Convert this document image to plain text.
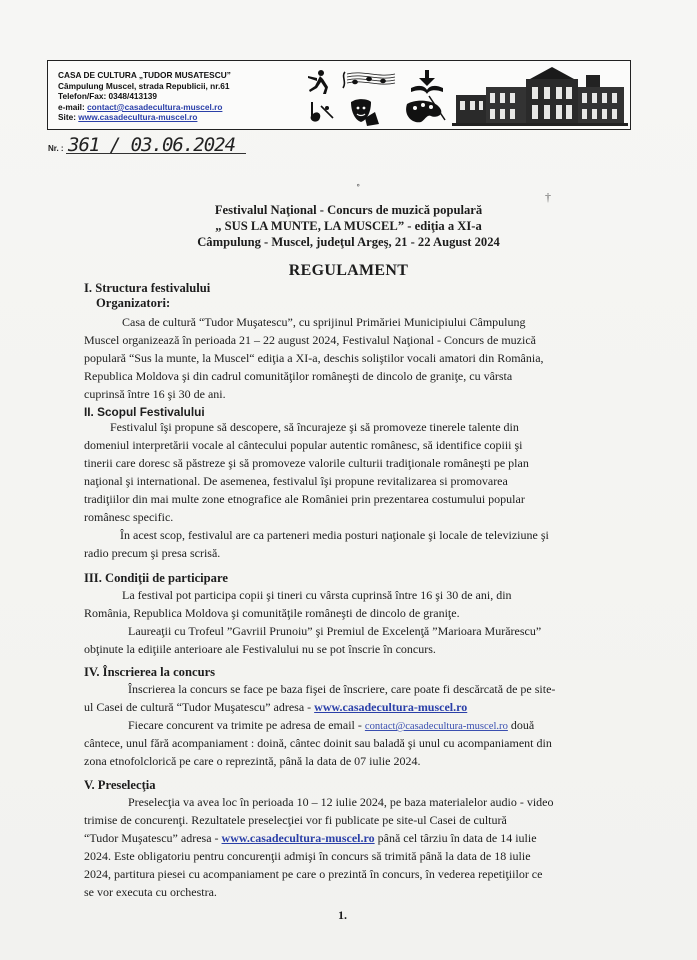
CASA DE CULTURA „TUDOR MUSATESCU”
Câmpulung Muscel, strada Republicii, nr.61
Telefon/Fax: 0348/413139
e-mail: contact@casadecultura-muscel.ro
Site: www.casadecultura-muscel.ro
Nr. : 361 / 03.06.2024
∘
†
Festivalul Naţional - Concurs de muzică populară
„ SUS LA MUNTE, LA MUSCEL” - ediţia a XI-a
Câmpulung - Muscel, judeţul Argeş, 21 - 22 August 2024
REGULAMENT
I. Structura festivalului
Organizatori:
Casa de cultură “Tudor Muşatescu”, cu sprijinul Primăriei Municipiului Câmpulung
Muscel organizează în perioada 21 – 22 august 2024, Festivalul Naţional - Concurs de muzică
populară “Sus la munte, la Muscel“ ediţia a XI-a, deschis soliştilor vocali amatori din România,
Republica Moldova şi din cadrul comunităţilor româneşti de dincolo de graniţe, cu vârsta
cuprinsă între 16 şi 30 de ani.
II. Scopul Festivalului
Festivalul îşi propune să descopere, să încurajeze şi să promoveze tinerele talente din
domeniul interpretării vocale al cântecului popular autentic românesc, să identifice copiii şi
tinerii care doresc să păstreze şi să promoveze valorile culturii tradiţionale româneşti pe plan
naţional şi international. De asemenea, festivalul îşi propune revitalizarea si promovarea
tradiţiilor din mai multe zone etnografice ale României prin prezentarea costumului popular
românesc specific.
În acest scop, festivalul are ca parteneri media posturi naţionale şi locale de televiziune şi
radio precum şi presa scrisă.
III. Condiţii de participare
La festival pot participa copii şi tineri cu vârsta cuprinsă între 16 şi 30 de ani, din
România, Republica Moldova şi comunităţile româneşti de dincolo de graniţe.
Laureaţii cu Trofeul ”Gavriil Prunoiu” şi Premiul de Excelenţă ”Marioara Murărescu”
obţinute la ediţiile anterioare ale Festivalului nu se pot înscrie în concurs.
IV. Înscrierea la concurs
Înscrierea la concurs se face pe baza fişei de înscriere, care poate fi descărcată de pe site-
ul Casei de cultură “Tudor Muşatescu” adresa - www.casadecultura-muscel.ro
Fiecare concurent va trimite pe adresa de email - contact@casadecultura-muscel.ro două
cântece, unul fără acompaniament : doină, cântec doinit sau baladă şi unul cu acompaniament din
zona etnofolclorică pe care o reprezintă, până la data de 07 iulie 2024.
V. Preselecţia
Preselecţia va avea loc în perioada 10 – 12 iulie 2024, pe baza materialelor audio - video
trimise de concurenţi. Rezultatele preselecţiei vor fi publicate pe site-ul Casei de cultură
“Tudor Muşatescu” adresa - www.casadecultura-muscel.ro până cel târziu în data de 14 iulie
2024. Este obligatoriu pentru concurenţii admişi în concurs să trimită până la data de 18 iulie
2024, partitura piesei cu acompaniament pe care o prezintă în concurs, în vederea repetiţiilor ce
se vor executa cu orchestra.
1.
